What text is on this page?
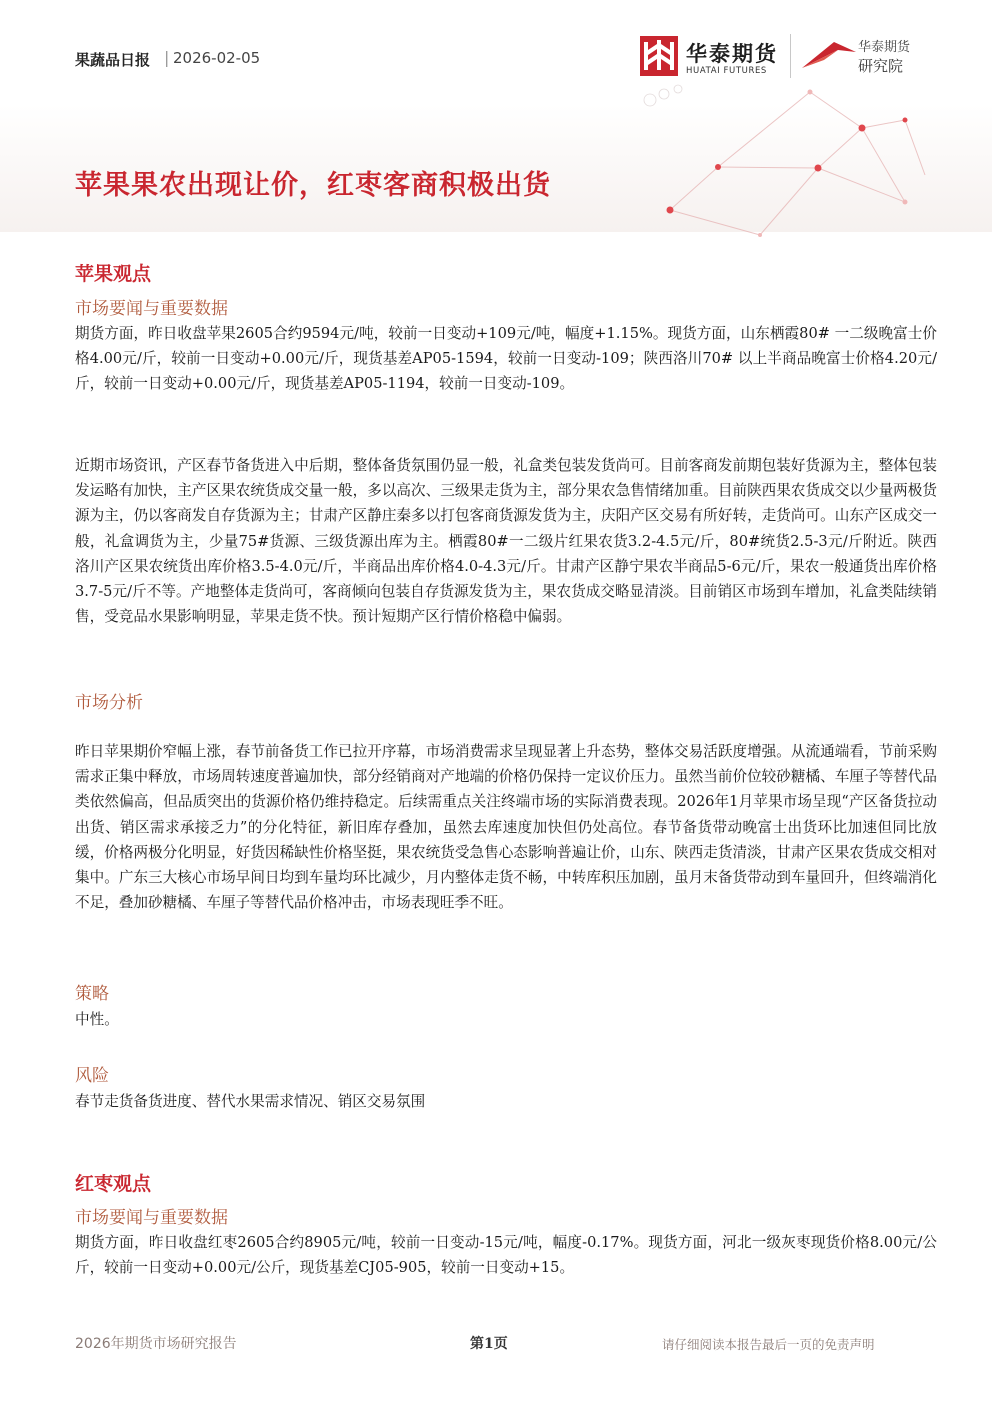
果蔬品日报 | 2026-02-05	华泰期货
HUATAI FUTURES
华泰期货
研究院
苹果果农出现让价，红枣客商积极出货
苹果观点
市场要闻与重要数据
期货方面，昨日收盘苹果2605合约9594元/吨，较前一日变动+109元/吨，幅度+1.15%。现货方面，山东栖霞80# 一二级晚富士价格4.00元/斤，较前一日变动+0.00元/斤，现货基差AP05-1594，较前一日变动-109；陕西洛川70# 以上半商品晚富士价格4.20元/斤，较前一日变动+0.00元/斤，现货基差AP05-1194，较前一日变动-109。
近期市场资讯，产区春节备货进入中后期，整体备货氛围仍显一般，礼盒类包装发货尚可。目前客商发前期包装好货源为主，整体包装发运略有加快，主产区果农统货成交量一般，多以高次、三级果走货为主，部分果农急售情绪加重。目前陕西果农货成交以少量两极货源为主，仍以客商发自存货源为主；甘肃产区静庄秦多以打包客商货源发货为主，庆阳产区交易有所好转，走货尚可。山东产区成交一般，礼盒调货为主，少量75#货源、三级货源出库为主。栖霞80#一二级片红果农货3.2-4.5元/斤，80#统货2.5-3元/斤附近。陕西洛川产区果农统货出库价格3.5-4.0元/斤，半商品出库价格4.0-4.3元/斤。甘肃产区静宁果农半商品5-6元/斤，果农一般通货出库价格3.7-5元/斤不等。产地整体走货尚可，客商倾向包装自存货源发货为主，果农货成交略显清淡。目前销区市场到车增加，礼盒类陆续销售，受竞品水果影响明显，苹果走货不快。预计短期产区行情价格稳中偏弱。
市场分析
昨日苹果期价窄幅上涨，春节前备货工作已拉开序幕，市场消费需求呈现显著上升态势，整体交易活跃度增强。从流通端看，节前采购需求正集中释放，市场周转速度普遍加快，部分经销商对产地端的价格仍保持一定议价压力。虽然当前价位较砂糖橘、车厘子等替代品类依然偏高，但品质突出的货源价格仍维持稳定。后续需重点关注终端市场的实际消费表现。2026年1月苹果市场呈现“产区备货拉动出货、销区需求承接乏力”的分化特征，新旧库存叠加，虽然去库速度加快但仍处高位。春节备货带动晚富士出货环比加速但同比放缓，价格两极分化明显，好货因稀缺性价格坚挺，果农统货受急售心态影响普遍让价，山东、陕西走货清淡，甘肃产区果农货成交相对集中。广东三大核心市场早间日均到车量均环比减少，月内整体走货不畅，中转库积压加剧，虽月末备货带动到车量回升，但终端消化不足，叠加砂糖橘、车厘子等替代品价格冲击，市场表现旺季不旺。
策略
中性。
风险
春节走货备货进度、替代水果需求情况、销区交易氛围
红枣观点
市场要闻与重要数据
期货方面，昨日收盘红枣2605合约8905元/吨，较前一日变动-15元/吨，幅度-0.17%。现货方面，河北一级灰枣现货价格8.00元/公斤，较前一日变动+0.00元/公斤，现货基差CJ05-905，较前一日变动+15。
2026年期货市场研究报告	第1页	请仔细阅读本报告最后一页的免责声明
